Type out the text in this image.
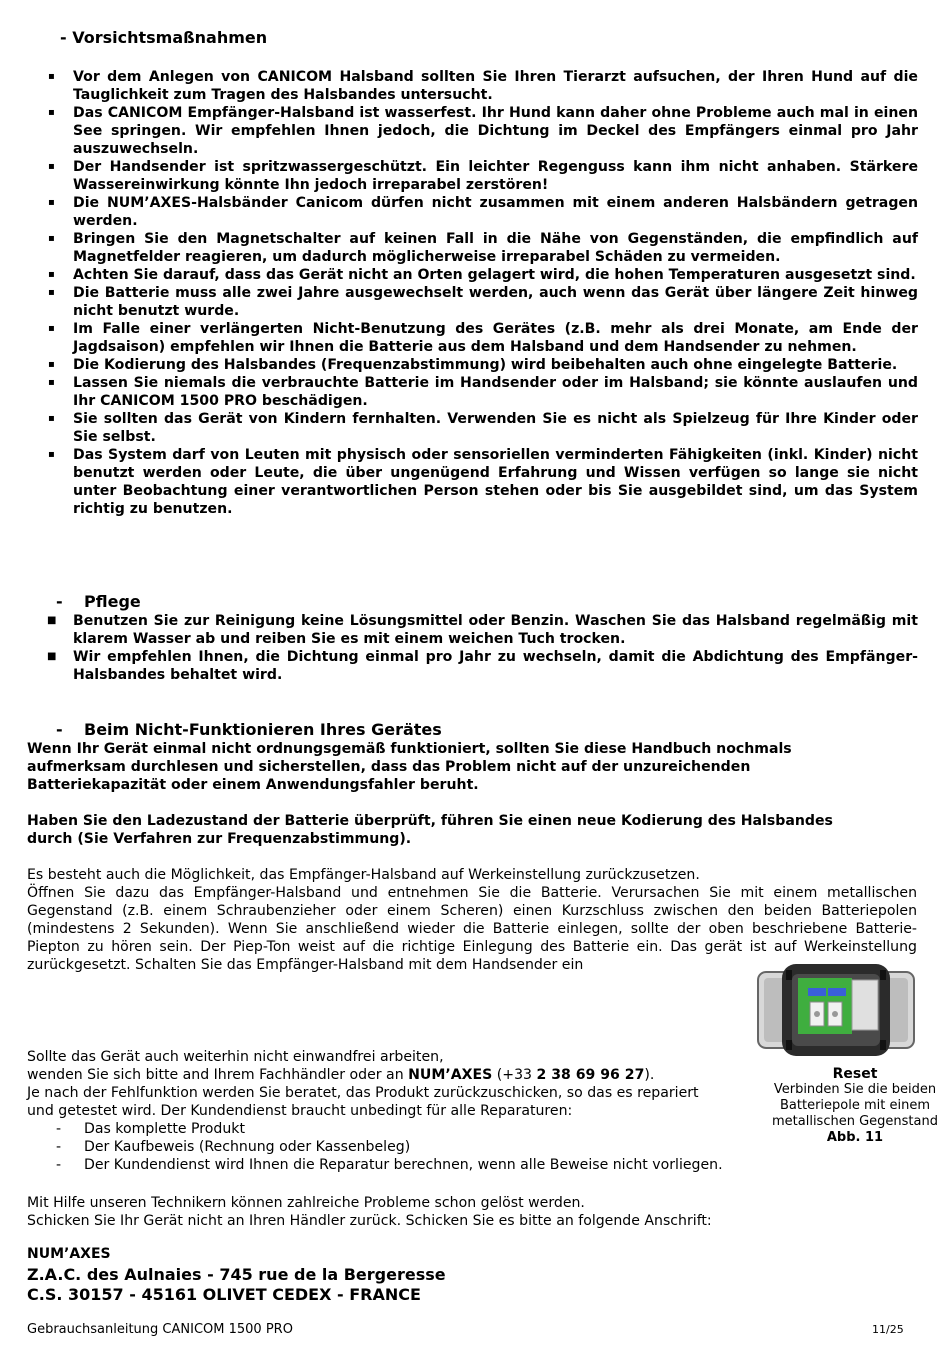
- Vorsichtsmaßnahmen
▪ Vor dem Anlegen von CANICOM Halsband sollten Sie Ihren Tierarzt aufsuchen, der Ihren Hund auf die Tauglichkeit zum Tragen des Halsbandes untersucht.
▪ Das CANICOM Empfänger-Halsband ist wasserfest. Ihr Hund kann daher ohne Probleme auch mal in einen See springen. Wir empfehlen Ihnen jedoch, die Dichtung im Deckel des Empfängers einmal pro Jahr auszuwechseln.
▪ Der Handsender ist spritzwassergeschützt. Ein leichter Regenguss kann ihm nicht anhaben. Stärkere Wassereinwirkung könnte Ihn jedoch irreparabel zerstören!
▪ Die NUM’AXES-Halsbänder Canicom dürfen nicht zusammen mit einem anderen Halsbändern getragen werden.
▪ Bringen Sie den Magnetschalter auf keinen Fall in die Nähe von Gegenständen, die empfindlich auf Magnetfelder reagieren, um dadurch möglicherweise irreparabel Schäden zu vermeiden.
▪ Achten Sie darauf, dass das Gerät nicht an Orten gelagert wird, die hohen Temperaturen ausgesetzt sind.
▪ Die Batterie muss alle zwei Jahre ausgewechselt werden, auch wenn das Gerät über längere Zeit hinweg nicht benutzt wurde.
▪ Im Falle einer verlängerten Nicht-Benutzung des Gerätes (z.B. mehr als drei Monate, am Ende der Jagdsaison) empfehlen wir Ihnen die Batterie aus dem Halsband und dem Handsender zu nehmen.
▪ Die Kodierung des Halsbandes (Frequenzabstimmung) wird beibehalten auch ohne eingelegte Batterie.
▪ Lassen Sie niemals die verbrauchte Batterie im Handsender oder im Halsband; sie könnte auslaufen und Ihr CANICOM 1500 PRO beschädigen.
▪ Sie sollten das Gerät von Kindern fernhalten. Verwenden Sie es nicht als Spielzeug für Ihre Kinder oder Sie selbst.
▪ Das System darf von Leuten mit physisch oder sensoriellen verminderten Fähigkeiten (inkl. Kinder) nicht benutzt werden oder Leute, die über ungenügend Erfahrung und Wissen verfügen so lange sie nicht unter Beobachtung einer verantwortlichen Person stehen oder bis Sie ausgebildet sind, um das System richtig zu benutzen.
- Pflege
■ Benutzen Sie zur Reinigung keine Lösungsmittel oder Benzin. Waschen Sie das Halsband regelmäßig mit klarem Wasser ab und reiben Sie es mit einem weichen Tuch trocken.
■ Wir empfehlen Ihnen, die Dichtung einmal pro Jahr zu wechseln, damit die Abdichtung des Empfänger-Halsbandes behaltet wird.
- Beim Nicht-Funktionieren Ihres Gerätes
Wenn Ihr Gerät einmal nicht ordnungsgemäß funktioniert, sollten Sie diese Handbuch nochmals aufmerksam durchlesen und sicherstellen, dass das Problem nicht auf der unzureichenden Batteriekapazität oder einem Anwendungsfahler beruht.
Haben Sie den Ladezustand der Batterie überprüft, führen Sie einen neue Kodierung des Halsbandes durch (Sie Verfahren zur Frequenzabstimmung).
Es besteht auch die Möglichkeit, das Empfänger-Halsband auf Werkeinstellung zurückzusetzen.
Öffnen Sie dazu das Empfänger-Halsband und entnehmen Sie die Batterie. Verursachen Sie mit einem metallischen Gegenstand (z.B. einem Schraubenzieher oder einem Scheren) einen Kurzschluss zwischen den beiden Batteriepolen (mindestens 2 Sekunden). Wenn Sie anschließend wieder die Batterie einlegen, sollte der oben beschriebene Batterie-Piepton zu hören sein. Der Piep-Ton weist auf die richtige Einlegung des Batterie ein. Das gerät ist auf Werkeinstellung zurückgesetzt. Schalten Sie das Empfänger-Halsband mit dem Handsender ein
Reset
Verbinden Sie die beiden Batteriepole mit einem metallischen Gegenstand
Abb. 11
Sollte das Gerät auch weiterhin nicht einwandfrei arbeiten,
wenden Sie sich bitte and Ihrem Fachhändler oder an NUM’AXES (+33 2 38 69 96 27).
Je nach der Fehlfunktion werden Sie beratet, das Produkt zurückzuschicken, so das es repariert
und getestet wird. Der Kundendienst braucht unbedingt für alle Reparaturen:
- Das komplette Produkt
- Der Kaufbeweis (Rechnung oder Kassenbeleg)
- Der Kundendienst wird Ihnen die Reparatur berechnen, wenn alle Beweise nicht vorliegen.
Mit Hilfe unseren Technikern können zahlreiche Probleme schon gelöst werden.
Schicken Sie Ihr Gerät nicht an Ihren Händler zurück. Schicken Sie es bitte an folgende Anschrift:
NUM’AXES
Z.A.C. des Aulnaies - 745 rue de la Bergeresse
C.S. 30157 - 45161 OLIVET CEDEX - FRANCE
Gebrauchsanleitung CANICOM 1500 PRO	11/25
